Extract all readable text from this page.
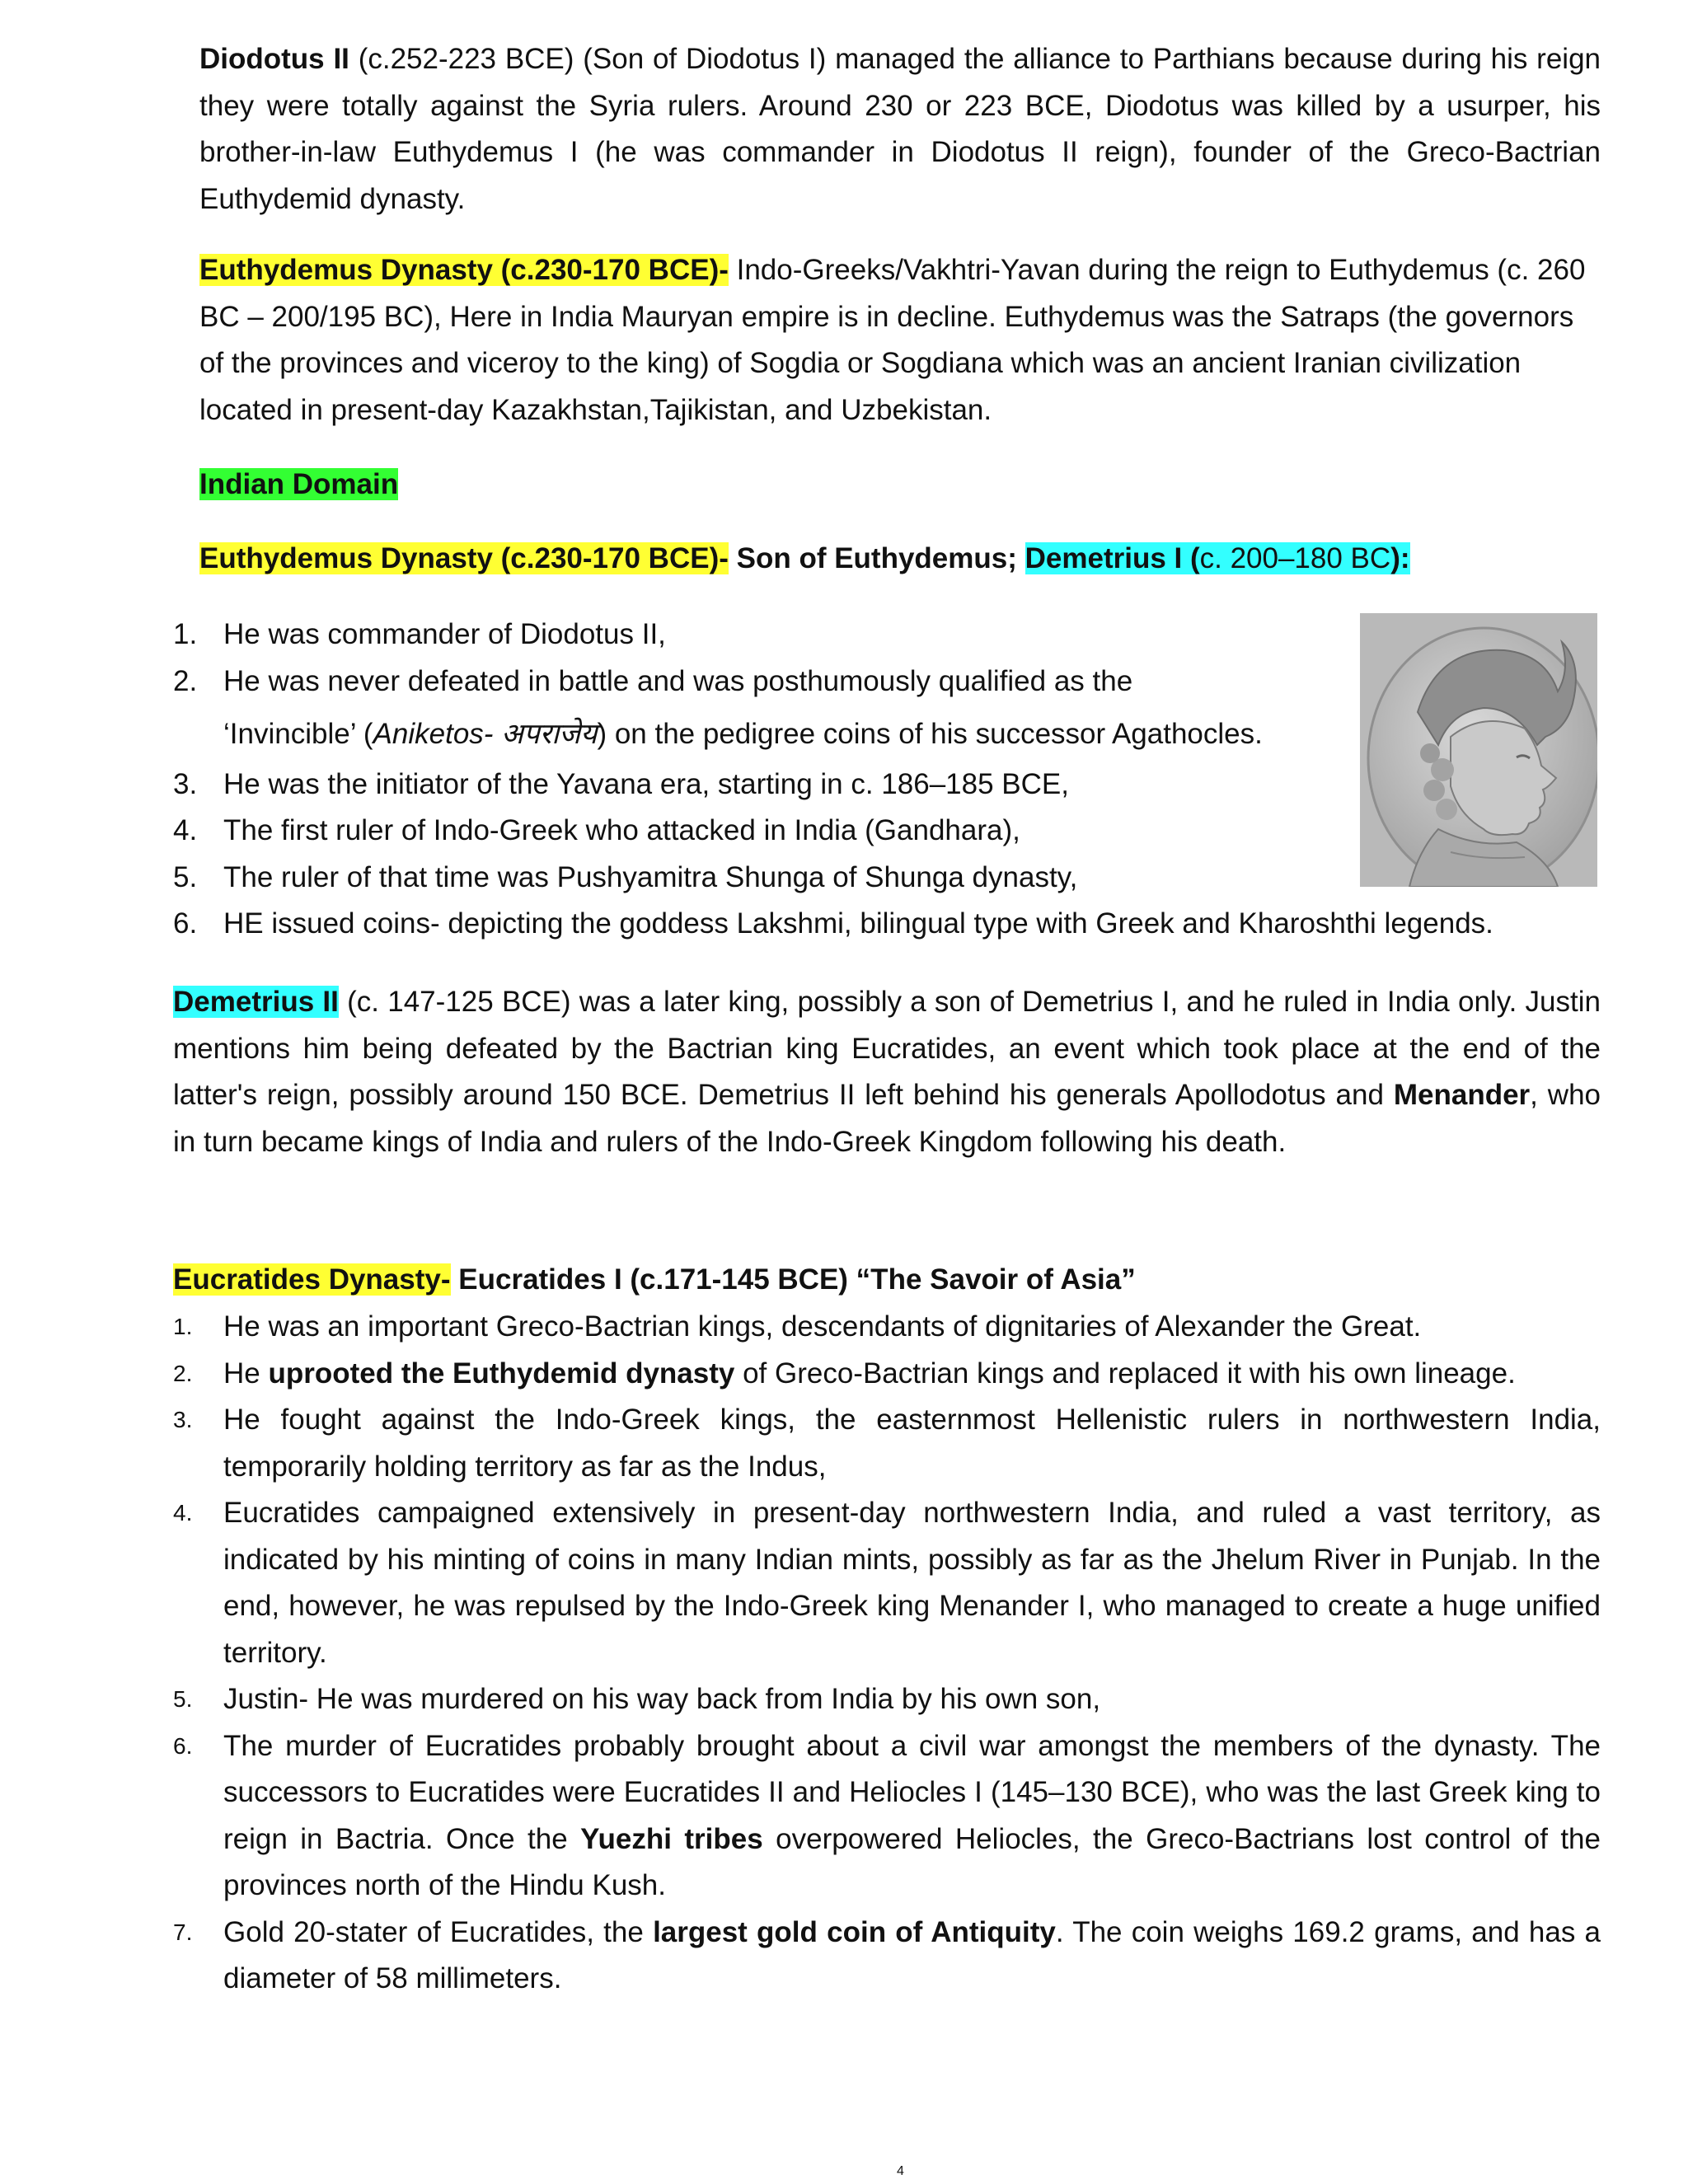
Diodotus II (c.252-223 BCE) (Son of Diodotus I) managed the alliance to Parthians because during his reign they were totally against the Syria rulers. Around 230 or 223 BCE, Diodotus was killed by a usurper, his brother-in-law Euthydemus I (he was commander in Diodotus II reign), founder of the Greco-Bactrian Euthydemid dynasty.

Euthydemus Dynasty (c.230-170 BCE)- Indo-Greeks/Vakhtri-Yavan during the reign to Euthydemus (c. 260 BC – 200/195 BC), Here in India Mauryan empire is in decline. Euthydemus was the Satraps (the governors of the provinces and viceroy to the king) of Sogdia or Sogdiana which was an ancient Iranian civilization located in present-day Kazakhstan,Tajikistan, and Uzbekistan.

Indian Domain

Euthydemus Dynasty (c.230-170 BCE)- Son of Euthydemus; Demetrius I (c. 200–180 BC):

1. He was commander of Diodotus II,
2. He was never defeated in battle and was posthumously qualified as the
‘Invincible’ (Aniketos- अपराजेय) on the pedigree coins of his successor Agathocles.
3. He was the initiator of the Yavana era, starting in c. 186–185 BCE,
4. The first ruler of Indo-Greek who attacked in India (Gandhara),
5. The ruler of that time was Pushyamitra Shunga of Shunga dynasty,
6. HE issued coins- depicting the goddess Lakshmi, bilingual type with Greek and Kharoshthi legends.

Demetrius II (c. 147-125 BCE) was a later king, possibly a son of Demetrius I, and he ruled in India only. Justin mentions him being defeated by the Bactrian king Eucratides, an event which took place at the end of the latter's reign, possibly around 150 BCE. Demetrius II left behind his generals Apollodotus and Menander, who in turn became kings of India and rulers of the Indo-Greek Kingdom following his death.

Eucratides Dynasty- Eucratides I (c.171-145 BCE) “The Savoir of Asia”

1. He was an important Greco-Bactrian kings, descendants of dignitaries of Alexander the Great.
2. He uprooted the Euthydemid dynasty of Greco-Bactrian kings and replaced it with his own lineage.
3. He fought against the Indo-Greek kings, the easternmost Hellenistic rulers in northwestern India, temporarily holding territory as far as the Indus,
4. Eucratides campaigned extensively in present-day northwestern India, and ruled a vast territory, as indicated by his minting of coins in many Indian mints, possibly as far as the Jhelum River in Punjab. In the end, however, he was repulsed by the Indo-Greek king Menander I, who managed to create a huge unified territory.
5. Justin- He was murdered on his way back from India by his own son,
6. The murder of Eucratides probably brought about a civil war amongst the members of the dynasty. The successors to Eucratides were Eucratides II and Heliocles I (145–130 BCE), who was the last Greek king to reign in Bactria. Once the Yuezhi tribes overpowered Heliocles, the Greco-Bactrians lost control of the provinces north of the Hindu Kush.
7. Gold 20-stater of Eucratides, the largest gold coin of Antiquity. The coin weighs 169.2 grams, and has a diameter of 58 millimeters.
4
